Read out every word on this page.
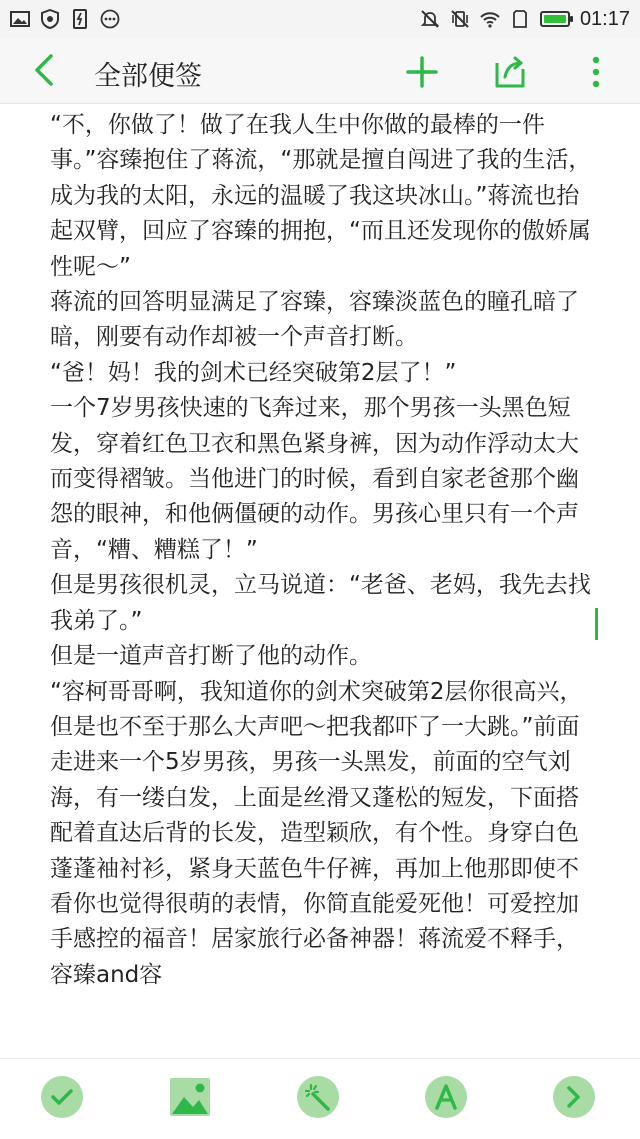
01:17
全部便签

“不，你做了！做了在我人生中你做的最棒的一件事。”容臻抱住了蒋流，“那就是擅自闯进了我的生活，成为我的太阳，永远的温暖了我这块冰山。”蒋流也抬起双臂，回应了容臻的拥抱，“而且还发现你的傲娇属性呢～”

蒋流的回答明显满足了容臻，容臻淡蓝色的瞳孔暗了暗，刚要有动作却被一个声音打断。

“爸！妈！我的剑术已经突破第2层了！”

一个7岁男孩快速的飞奔过来，那个男孩一头黑色短发，穿着红色卫衣和黑色紧身裤，因为动作浮动太大而变得褶皱。当他进门的时候，看到自家老爸那个幽怨的眼神，和他俩僵硬的动作。男孩心里只有一个声音，“糟、糟糕了！”

但是男孩很机灵，立马说道：“老爸、老妈，我先去找我弟了。”

但是一道声音打断了他的动作。

“容柯哥哥啊，我知道你的剑术突破第2层你很高兴，但是也不至于那么大声吧～把我都吓了一大跳。”前面走进来一个5岁男孩，男孩一头黑发，前面的空气刘海，有一缕白发，上面是丝滑又蓬松的短发，下面搭配着直达后背的长发，造型颖欣，有个性。身穿白色蓬蓬袖衬衫，紧身天蓝色牛仔裤，再加上他那即使不看你也觉得很萌的表情，你简直能爱死他！可爱控加手感控的福音！居家旅行必备神器！蒋流爱不释手，容臻and容
